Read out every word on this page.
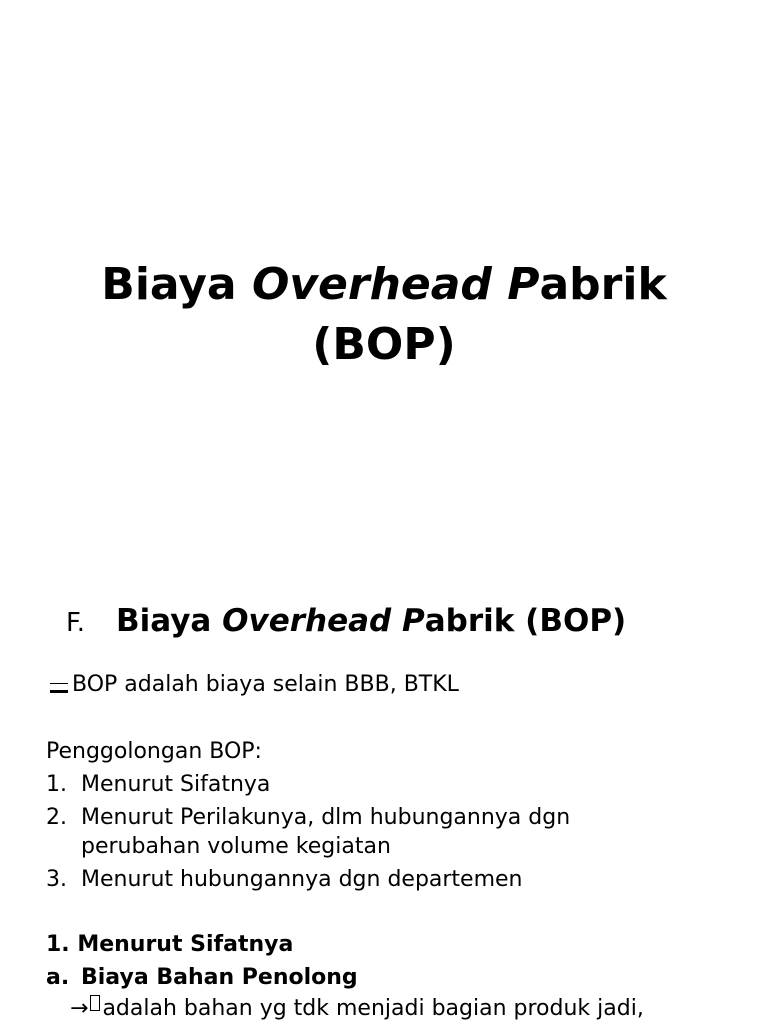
Biaya Overhead Pabrik
(BOP)
F. Biaya Overhead Pabrik (BOP)
BOP adalah biaya selain BBB, BTKL
Penggolongan BOP:
1. Menurut Sifatnya
2. Menurut Perilakunya, dlm hubungannya dgn
perubahan volume kegiatan
3. Menurut hubungannya dgn departemen
1. Menurut Sifatnya
a. Biaya Bahan Penolong
→ adalah bahan yg tdk menjadi bagian produk jadi,
